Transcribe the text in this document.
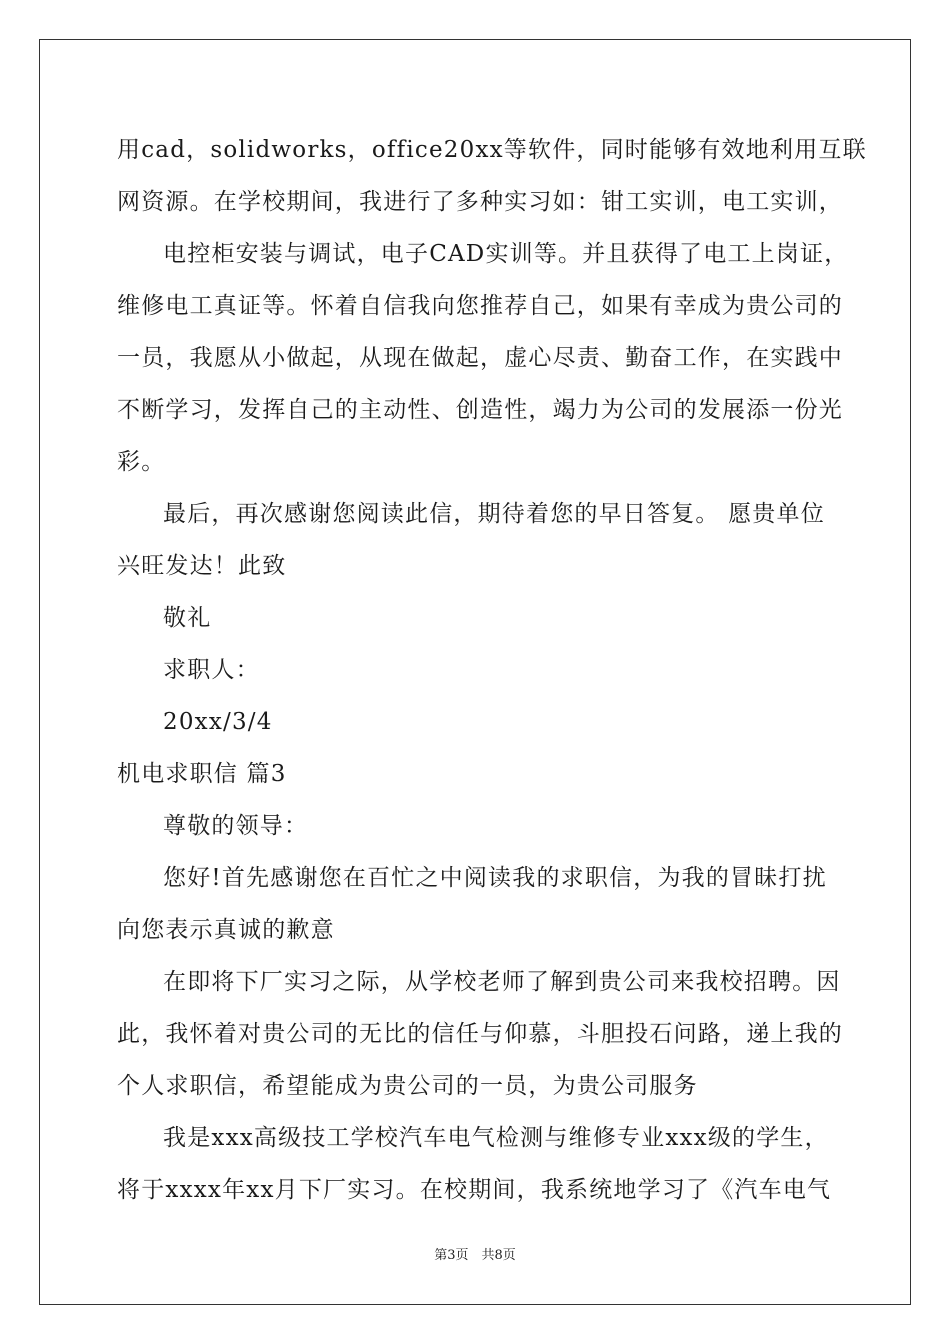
用cad，solidworks，office20xx等软件，同时能够有效地利用互联
网资源。在学校期间，我进行了多种实习如：钳工实训，电工实训，
电控柜安装与调试，电子CAD实训等。并且获得了电工上岗证，
维修电工真证等。怀着自信我向您推荐自己，如果有幸成为贵公司的
一员，我愿从小做起，从现在做起，虚心尽责、勤奋工作，在实践中
不断学习，发挥自己的主动性、创造性，竭力为公司的发展添一份光
彩。
最后，再次感谢您阅读此信，期待着您的早日答复。 愿贵单位
兴旺发达！此致
敬礼
求职人：
20xx/3/4
机电求职信 篇3
尊敬的领导：
您好!首先感谢您在百忙之中阅读我的求职信，为我的冒昧打扰
向您表示真诚的歉意
在即将下厂实习之际，从学校老师了解到贵公司来我校招聘。因
此，我怀着对贵公司的无比的信任与仰慕，斗胆投石问路，递上我的
个人求职信，希望能成为贵公司的一员，为贵公司服务
我是xxx高级技工学校汽车电气检测与维修专业xxx级的学生，
将于xxxx年xx月下厂实习。在校期间，我系统地学习了《汽车电气
第3页　共8页
